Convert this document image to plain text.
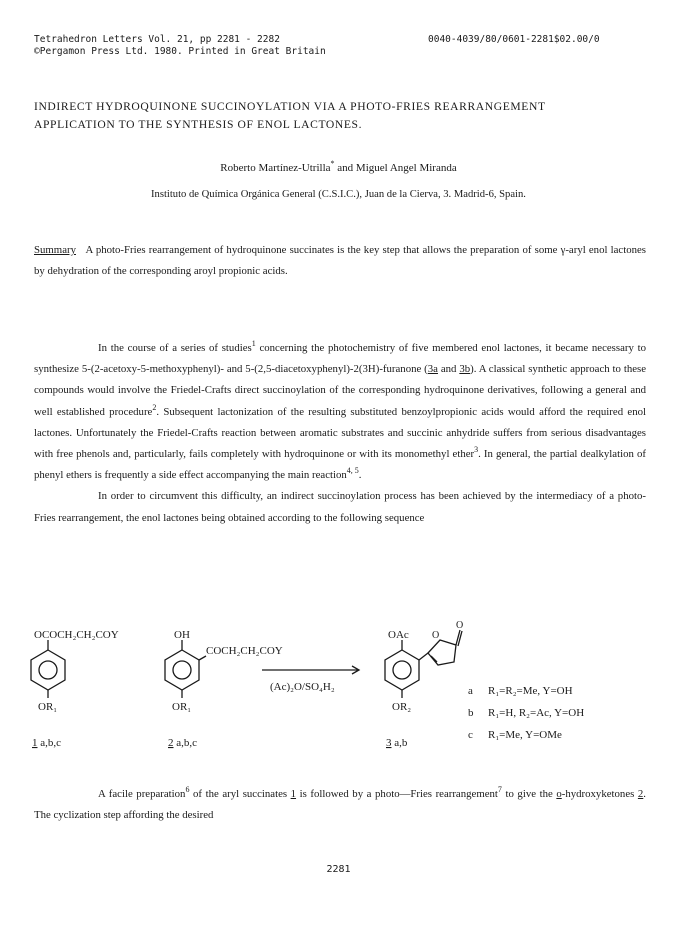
Tetrahedron Letters Vol. 21, pp 2281 - 2282
©Pergamon Press Ltd. 1980. Printed in Great Britain
0040-4039/80/0601-2281$02.00/0
INDIRECT HYDROQUINONE SUCCINOYLATION VIA A PHOTO-FRIES REARRANGEMENT
APPLICATION TO THE SYNTHESIS OF ENOL LACTONES.
Roberto Martínez-Utrilla* and Miguel Angel Miranda
Instituto de Química Orgánica General (C.S.I.C.), Juan de la Cierva, 3. Madrid-6, Spain.
Summary A photo-Fries rearrangement of hydroquinone succinates is the key step that allows the preparation of some γ-aryl enol lactones by dehydration of the corresponding aroyl propionic acids.

In the course of a series of studies$^1$ concerning the photochemistry of five membered enol lactones, it became necessary to synthesize 5-(2-acetoxy-5-methoxyphenyl)- and 5-(2,5-diacetoxyphenyl)-2(3H)-furanone (3a and 3b). A classical synthetic approach to these compounds would involve the Friedel-Crafts direct succinoylation of the corresponding hydroquinone derivatives, following a general and well established procedure$^2$. Subsequent lactonization of the resulting substituted benzoylpropionic acids would afford the required enol lactones. Unfortunately the Friedel-Crafts reaction between aromatic substrates and succinic anhydride suffers from serious disadvantages with free phenols and, particularly, fails completely with hydroquinone or with its monomethyl ether$^3$. In general, the partial dealkylation of phenyl ethers is frequently a side effect accompanying the main reaction$^{4, 5}$.

In order to circumvent this difficulty, an indirect succinoylation process has been achieved by the intermediacy of a photo-Fries rearrangement, the enol lactones being obtained according to the following sequence

OCOCH₂CH₂COY
OR₁
1 a,b,c
OH
COCH₂CH₂COY
OR₁
2 a,b,c
(Ac)₂O/SO₄H₂
OAc O
O
OR₂
3 a,b
a R₁=R₂=Me, Y=OH
b R₁=H, R₂=Ac, Y=OH
c R₁=Me, Y=OMe

A facile preparation$^6$ of the aryl succinates 1 is followed by a photo—Fries rearrangement$^7$ to give the o-hydroxyketones 2. The cyclization step affording the desired

2281
